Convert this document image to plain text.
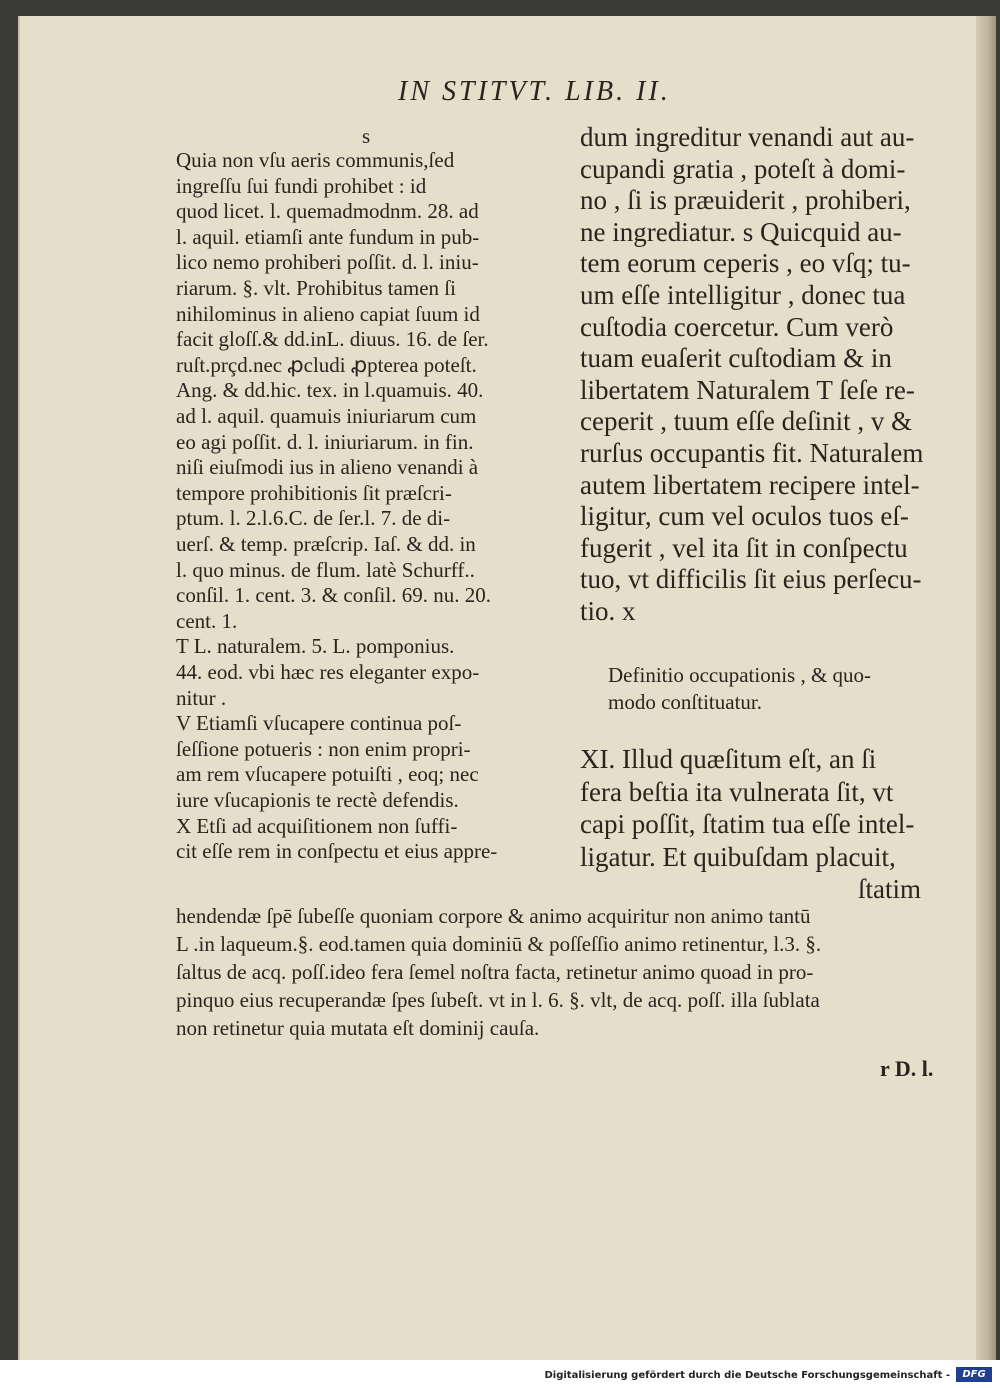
IN STITVT. LIB. II.
s
Quia non vſu aeris communis,ſed
ingreſſu ſui fundi prohibet : id
quod licet. l. quemadmodnm. 28. ad
l. aquil. etiamſi ante fundum in pub-
lico nemo prohiberi poſſit. d. l. iniu-
riarum. §. vlt. Prohibitus tamen ſi
nihilominus in alieno capiat ſuum id
facit gloſſ.& dd.inL. diuus. 16. de ſer.
ruſt.prçd.nec ꝓcludi ꝓpterea poteſt.
Ang. & dd.hic. tex. in l.quamuis. 40.
ad l. aquil. quamuis iniuriarum cum
eo agi poſſit. d. l. iniuriarum. in fin.
niſi eiuſmodi ius in alieno venandi à
tempore prohibitionis ſit præſcri-
ptum. l. 2.l.6.C. de ſer.l. 7. de di-
uerſ. & temp. præſcrip. Iaſ. & dd. in
l. quo minus. de flum. latè Schurff..
conſil. 1. cent. 3. & conſil. 69. nu. 20.
cent. 1.
T L. naturalem. 5. L. pomponius.
44. eod. vbi hæc res eleganter expo-
nitur .
V Etiamſi vſucapere continua poſ-
ſeſſione potueris : non enim propri-
am rem vſucapere potuiſti , eoq; nec
iure vſucapionis te rectè defendis.
X Etſi ad acquiſitionem non ſuffi-
cit eſſe rem in conſpectu et eius appre-
dum ingreditur venandi aut au-
cupandi gratia , poteſt à domi-
no , ſi is præuiderit , prohiberi,
ne ingrediatur. s Quicquid au-
tem eorum ceperis , eo vſq; tu-
um eſſe intelligitur , donec tua
cuſtodia coercetur. Cum verò
tuam euaſerit cuſtodiam & in
libertatem Naturalem T ſeſe re-
ceperit , tuum eſſe deſinit , v &
rurſus occupantis fit. Naturalem
autem libertatem recipere intel-
ligitur, cum vel oculos tuos eſ-
fugerit , vel ita ſit in conſpectu
tuo, vt difficilis ſit eius perſecu-
tio. x
Definitio occupationis , & quo-
modo conſtituatur.
XI. Illud quæſitum eſt, an ſi
fera beſtia ita vulnerata ſit, vt
capi poſſit, ſtatim tua eſſe intel-
ligatur. Et quibuſdam placuit,
ſtatim
hendendæ ſpē ſubeſſe quoniam corpore & animo acquiritur non animo tantū
L .in laqueum.§. eod.tamen quia dominiū & poſſeſſio animo retinentur, l.3. §.
ſaltus de acq. poſſ.ideo fera ſemel noſtra facta, retinetur animo quoad in pro-
pinquo eius recuperandæ ſpes ſubeſt. vt in l. 6. §. vlt, de acq. poſſ. illa ſublata
non retinetur quia mutata eſt dominij cauſa.
r D. l.
Digitalisierung gefördert durch die Deutsche Forschungsgemeinschaft -	DFG
